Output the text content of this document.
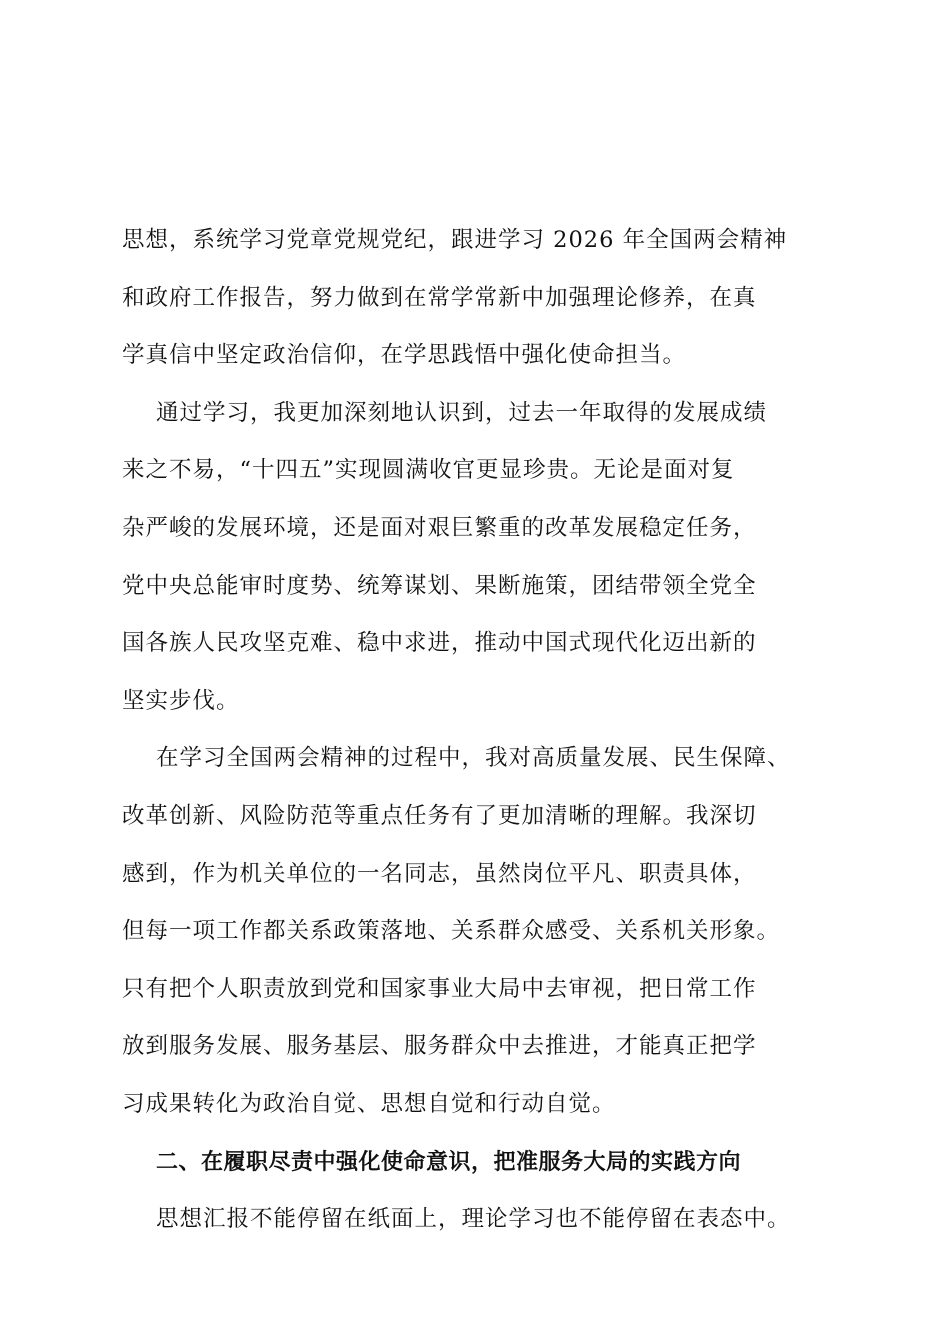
思想，系统学习党章党规党纪，跟进学习 2026 年全国两会精神
和政府工作报告，努力做到在常学常新中加强理论修养，在真
学真信中坚定政治信仰，在学思践悟中强化使命担当。
通过学习，我更加深刻地认识到，过去一年取得的发展成绩
来之不易，“十四五”实现圆满收官更显珍贵。无论是面对复
杂严峻的发展环境，还是面对艰巨繁重的改革发展稳定任务，
党中央总能审时度势、统筹谋划、果断施策，团结带领全党全
国各族人民攻坚克难、稳中求进，推动中国式现代化迈出新的
坚实步伐。
在学习全国两会精神的过程中，我对高质量发展、民生保障、
改革创新、风险防范等重点任务有了更加清晰的理解。我深切
感到，作为机关单位的一名同志，虽然岗位平凡、职责具体，
但每一项工作都关系政策落地、关系群众感受、关系机关形象。
只有把个人职责放到党和国家事业大局中去审视，把日常工作
放到服务发展、服务基层、服务群众中去推进，才能真正把学
习成果转化为政治自觉、思想自觉和行动自觉。
二、在履职尽责中强化使命意识，把准服务大局的实践方向
思想汇报不能停留在纸面上，理论学习也不能停留在表态中。
